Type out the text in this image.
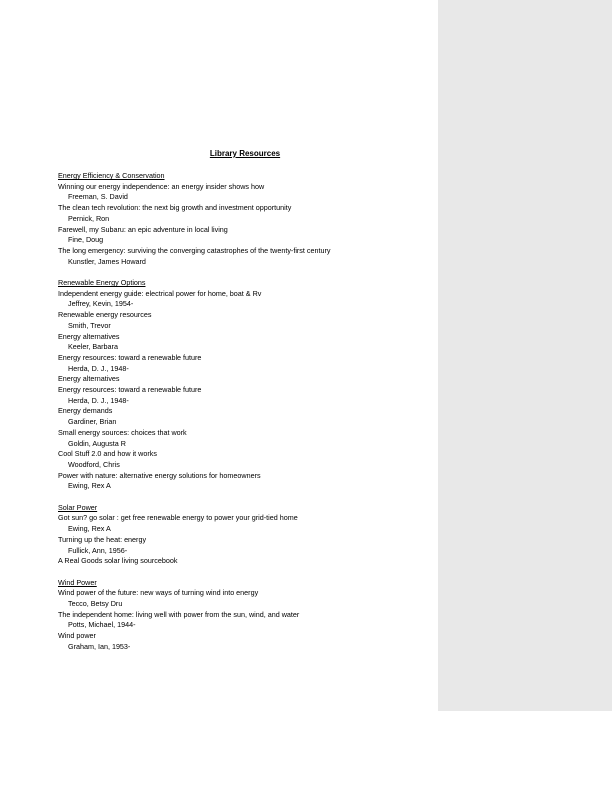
Library Resources
Energy Efficiency & Conservation
Winning our energy independence: an energy insider shows how
Freeman, S. David
The clean tech revolution: the next big growth and investment opportunity
Pernick, Ron
Farewell, my Subaru: an epic adventure in local living
Fine, Doug
The long emergency: surviving the converging catastrophes of the twenty-first century
Kunstler, James Howard
Renewable Energy Options
Independent energy guide: electrical power for home, boat & Rv
Jeffrey, Kevin, 1954-
Renewable energy resources
Smith, Trevor
Energy alternatives
Keeler, Barbara
Energy resources: toward a renewable future
Herda, D. J., 1948-
Energy alternatives
Energy resources: toward a renewable future
Herda, D. J., 1948-
Energy demands
Gardiner, Brian
Small energy sources: choices that work
Goldin, Augusta R
Cool Stuff 2.0 and how it works
Woodford, Chris
Power with nature: alternative energy solutions for homeowners
Ewing, Rex A
Solar Power
Got sun? go solar : get free renewable energy to power your grid-tied home
Ewing, Rex A
Turning up the heat: energy
Fullick, Ann, 1956-
A Real Goods solar living sourcebook
Wind Power
Wind power of the future: new ways of turning wind into energy
Tecco, Betsy Dru
The independent home: living well with power from the sun, wind, and water
Potts, Michael, 1944-
Wind power
Graham, Ian, 1953-
